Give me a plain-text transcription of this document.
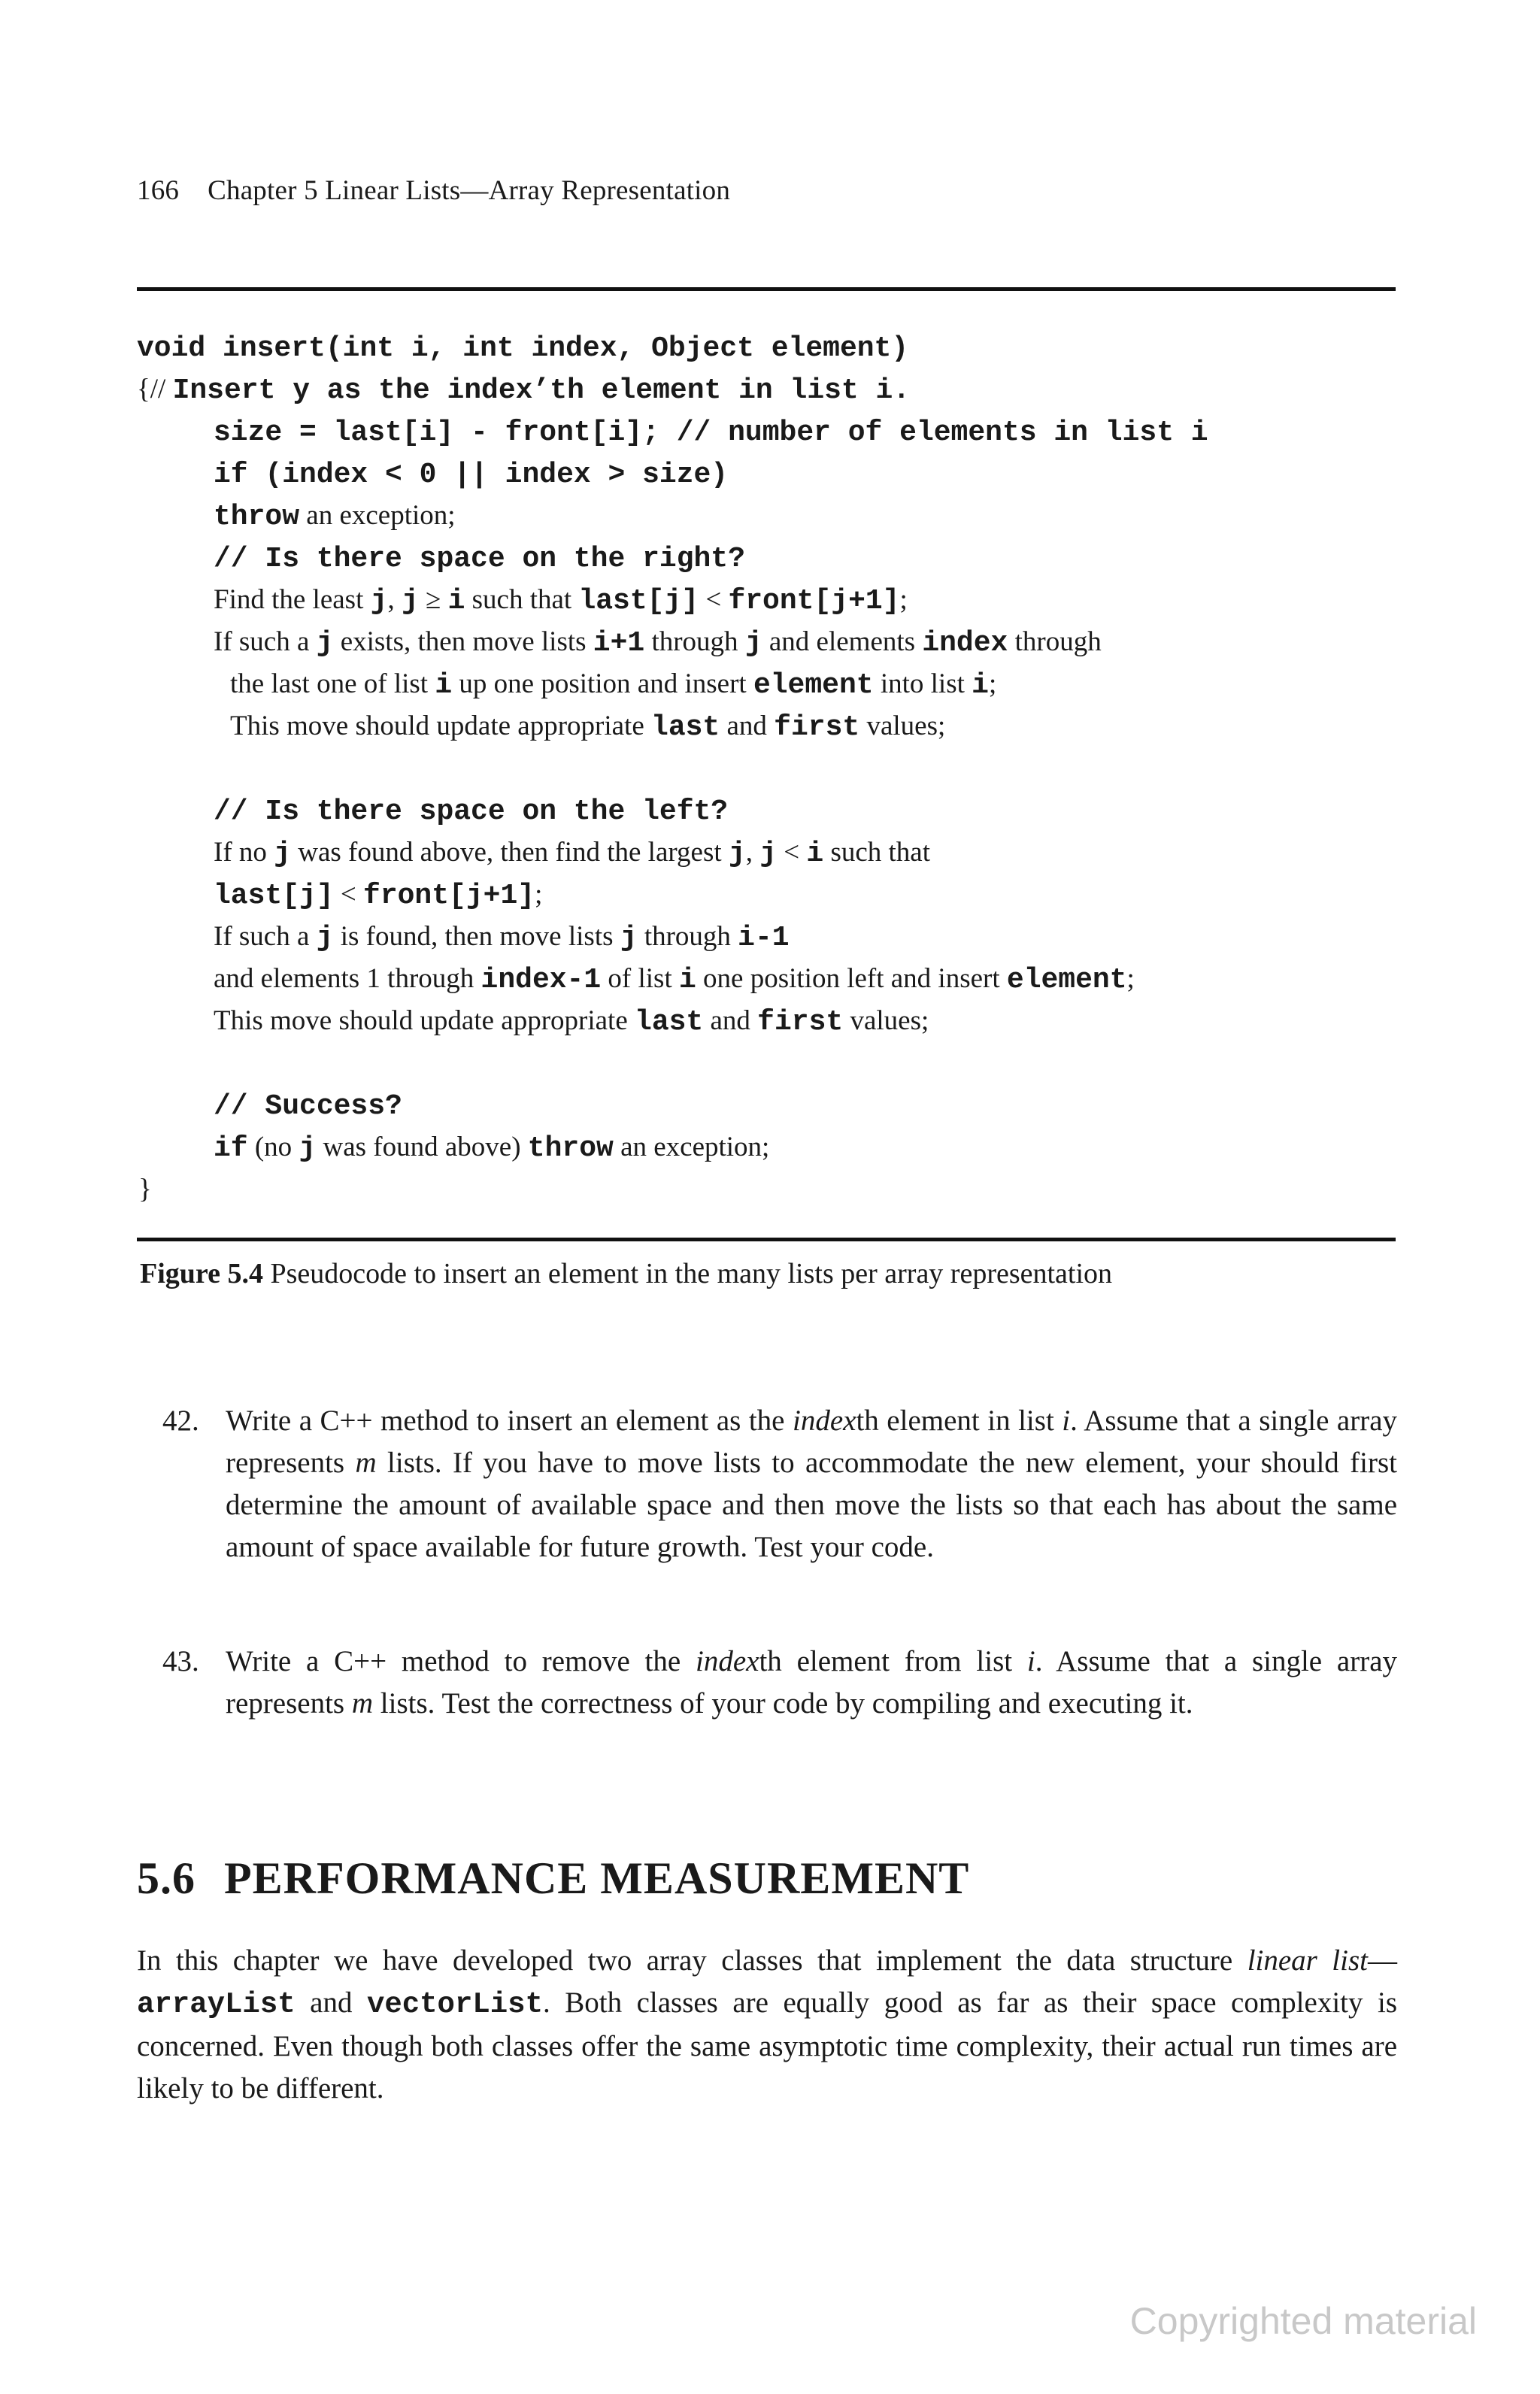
166 Chapter 5 Linear Lists—Array Representation
void insert(int i, int index, Object element)
{// Insert y as the index’th element in list i.
size = last[i] - front[i]; // number of elements in list i
if (index < 0 || index > size)
throw an exception;
// Is there space on the right?
Find the least j, j ≥ i such that last[j] < front[j+1];
If such a j exists, then move lists i+1 through j and elements index through
the last one of list i up one position and insert element into list i;
This move should update appropriate last and first values;
// Is there space on the left?
If no j was found above, then find the largest j, j < i such that
last[j] < front[j+1];
If such a j is found, then move lists j through i-1
and elements 1 through index-1 of list i one position left and insert element;
This move should update appropriate last and first values;
// Success?
if (no j was found above) throw an exception;
}
Figure 5.4 Pseudocode to insert an element in the many lists per array representation
42. Write a C++ method to insert an element as the indexth element in list i. Assume that a single array represents m lists. If you have to move lists to accommodate the new element, your should first determine the amount of available space and then move the lists so that each has about the same amount of space available for future growth. Test your code.
43. Write a C++ method to remove the indexth element from list i. Assume that a single array represents m lists. Test the correctness of your code by compiling and executing it.
5.6 PERFORMANCE MEASUREMENT
In this chapter we have developed two array classes that implement the data structure linear list—arrayList and vectorList. Both classes are equally good as far as their space complexity is concerned. Even though both classes offer the same asymptotic time complexity, their actual run times are likely to be different.
Copyrighted material
